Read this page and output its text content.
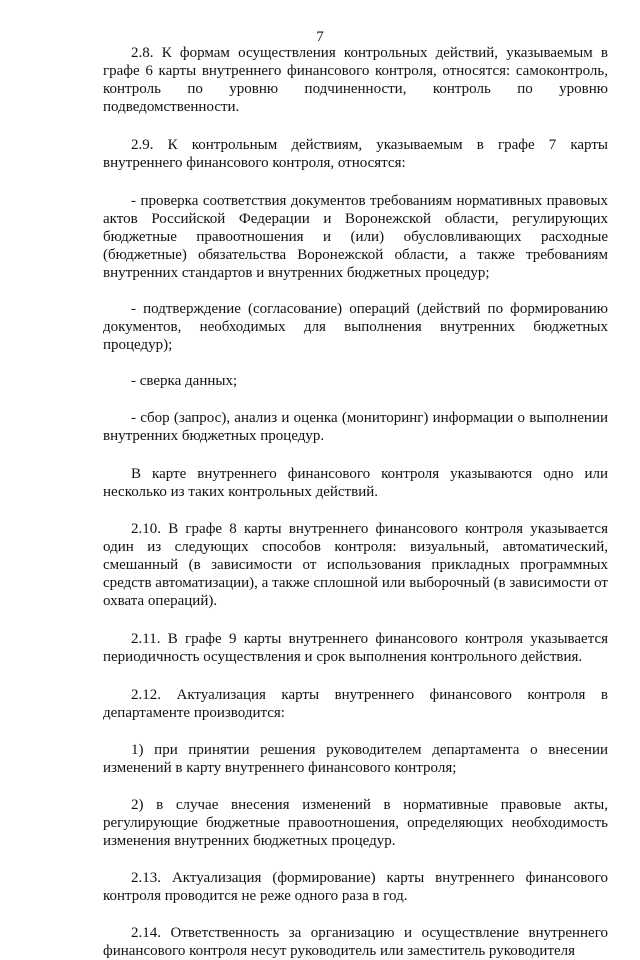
7

2.8. К формам осуществления контрольных действий, указываемым в графе 6 карты внутреннего финансового контроля, относятся: самоконтроль, контроль по уровню подчиненности, контроль по уровню подведомственности.

2.9. К контрольным действиям, указываемым в графе 7 карты внутреннего финансового контроля, относятся:

- проверка соответствия документов требованиям нормативных правовых актов Российской Федерации и Воронежской области, регулирующих бюджетные правоотношения и (или) обусловливающих расходные (бюджетные) обязательства Воронежской области, а также требованиям внутренних стандартов и внутренних бюджетных процедур;

- подтверждение (согласование) операций (действий по формированию документов, необходимых для выполнения внутренних бюджетных процедур);

- сверка данных;

- сбор (запрос), анализ и оценка (мониторинг) информации о выполнении внутренних бюджетных процедур.

В карте внутреннего финансового контроля указываются одно или несколько из таких контрольных действий.

2.10. В графе 8 карты внутреннего финансового контроля указывается один из следующих способов контроля: визуальный, автоматический, смешанный (в зависимости от использования прикладных программных средств автоматизации), а также сплошной или выборочный (в зависимости от охвата операций).

2.11. В графе 9 карты внутреннего финансового контроля указывается периодичность осуществления и срок выполнения контрольного действия.

2.12. Актуализация карты внутреннего финансового контроля в департаменте производится:

1) при принятии решения руководителем департамента о внесении изменений в карту внутреннего финансового контроля;

2) в случае внесения изменений в нормативные правовые акты, регулирующие бюджетные правоотношения, определяющих необходимость изменения внутренних бюджетных процедур.

2.13. Актуализация (формирование) карты внутреннего финансового контроля проводится не реже одного раза в год.

2.14. Ответственность за организацию и осуществление внутреннего финансового контроля несут руководитель или заместитель руководителя
